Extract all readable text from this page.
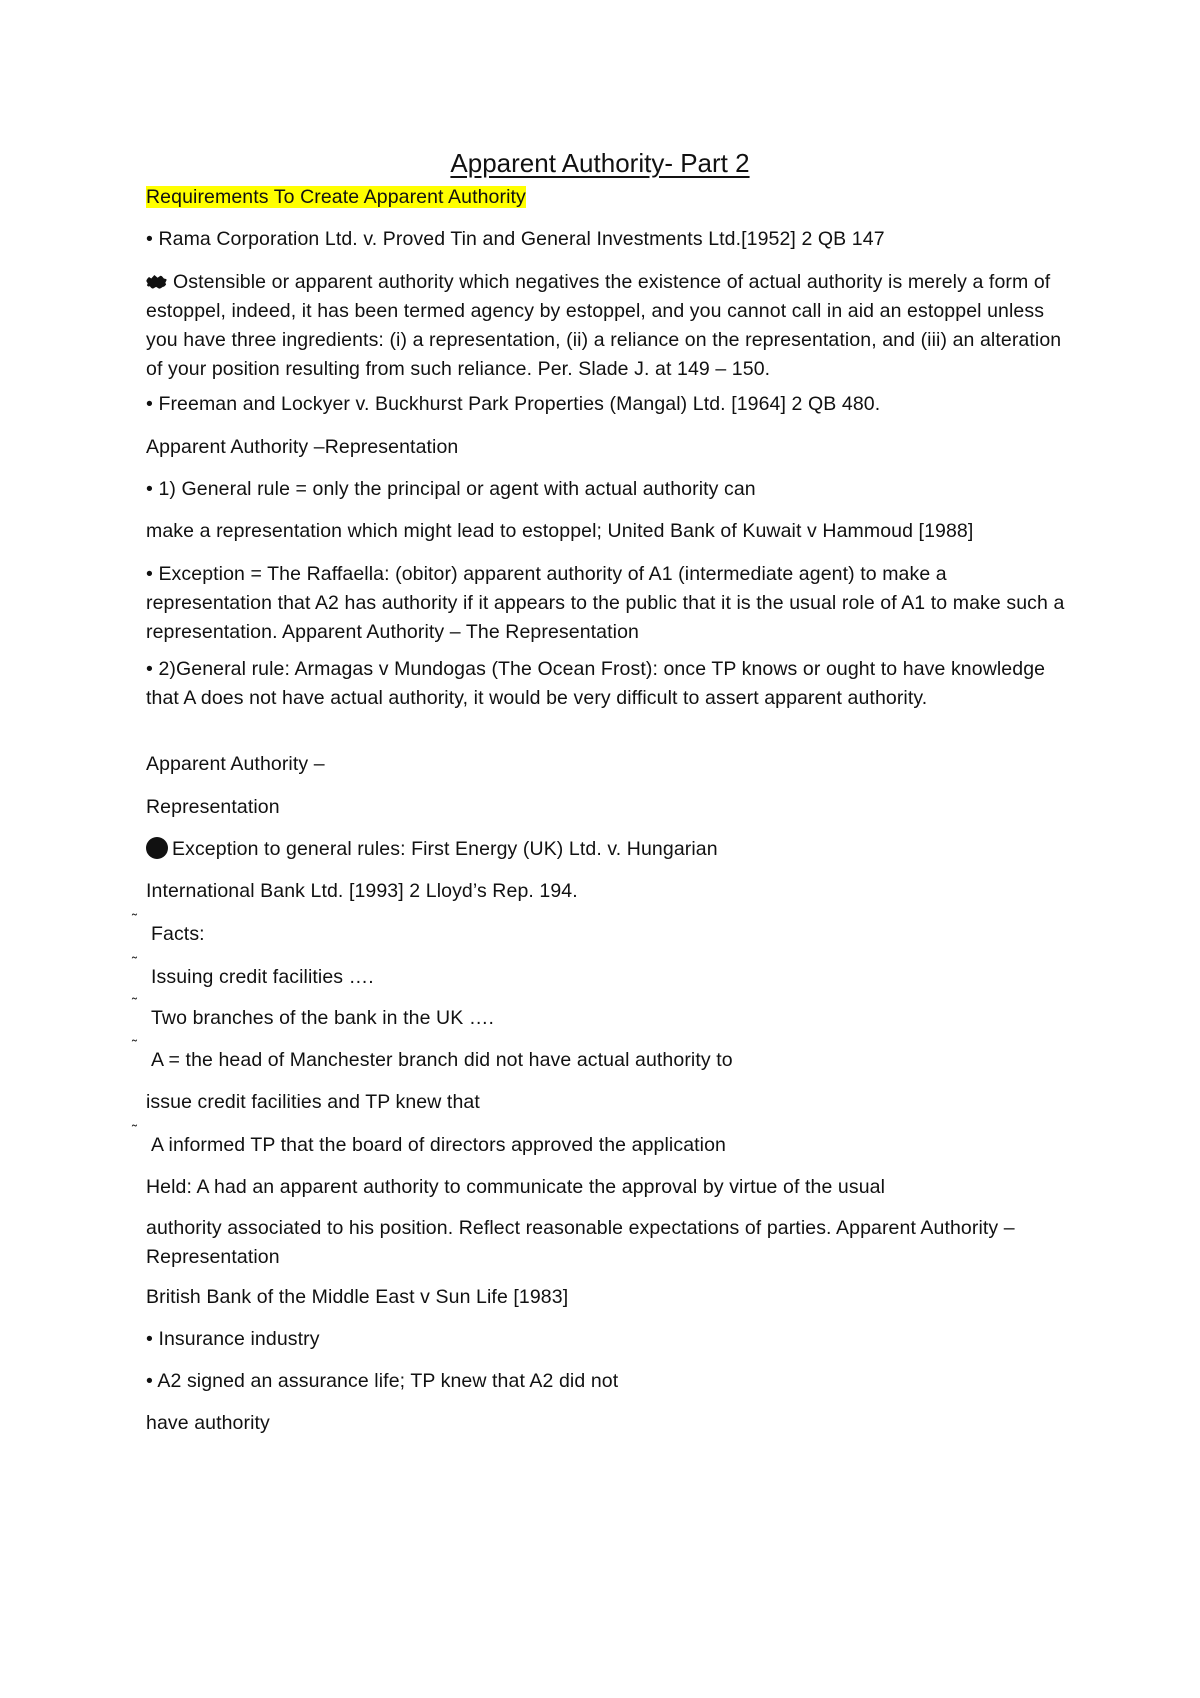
Apparent Authority- Part 2
Requirements To Create Apparent Authority
• Rama Corporation Ltd. v. Proved Tin and General Investments Ltd.[1952] 2 QB 147
Ostensible or apparent authority which negatives the existence of actual authority is merely a form of estoppel, indeed, it has been termed agency by estoppel, and you cannot call in aid an estoppel unless you have three ingredients: (i) a representation, (ii) a reliance on the representation, and (iii) an alteration of your position resulting from such reliance. Per. Slade J. at 149 – 150.
• Freeman and Lockyer v. Buckhurst Park Properties (Mangal) Ltd. [1964] 2 QB 480.
Apparent Authority –Representation
• 1) General rule = only the principal or agent with actual authority can
make a representation which might lead to estoppel; United Bank of Kuwait v Hammoud [1988]
• Exception = The Raffaella: (obitor) apparent authority of A1 (intermediate agent) to make a representation that A2 has authority if it appears to the public that it is the usual role of A1 to make such a representation. Apparent Authority – The Representation
• 2)General rule: Armagas v Mundogas (The Ocean Frost): once TP knows or ought to have knowledge that A does not have actual authority, it would be very difficult to assert apparent authority.
Apparent Authority –
Representation
Exception to general rules: First Energy (UK) Ltd. v. Hungarian
International Bank Ltd. [1993] 2 Lloyd’s Rep. 194.
˜
Facts:
˜
Issuing credit facilities ….
˜
Two branches of the bank in the UK ….
˜
A = the head of Manchester branch did not have actual authority to
issue credit facilities and TP knew that
˜
A informed TP that the board of directors approved the application
Held: A had an apparent authority to communicate the approval by virtue of the usual
authority associated to his position. Reflect reasonable expectations of parties. Apparent Authority – Representation
British Bank of the Middle East v Sun Life [1983]
• Insurance industry
• A2 signed an assurance life; TP knew that A2 did not
have authority
